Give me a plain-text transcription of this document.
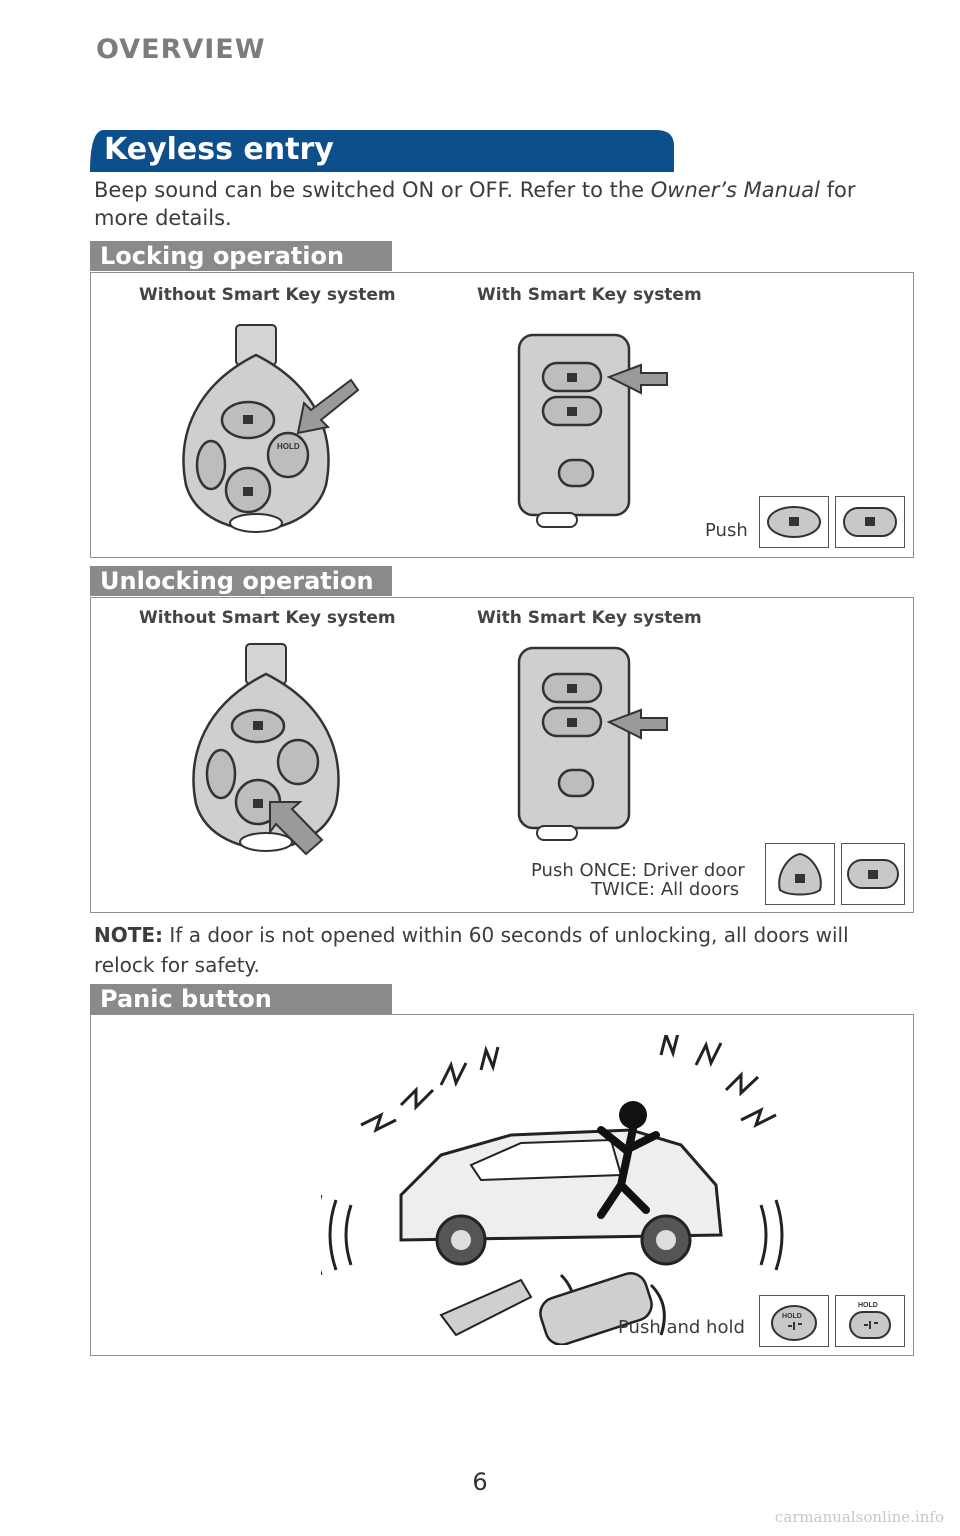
OVERVIEW
Keyless entry
Beep sound can be switched ON or OFF. Refer to the Owner’s Manual for more details.
Locking operation
Without Smart Key system	With Smart Key system
HOLD
Push
Unlocking operation
Without Smart Key system	With Smart Key system
Push ONCE: Driver door
TWICE: All doors
NOTE: If a door is not opened within 60 seconds of unlocking, all doors will relock for safety.
Panic button
Push and hold
HOLD
HOLD
6
carmanualsonline.info
